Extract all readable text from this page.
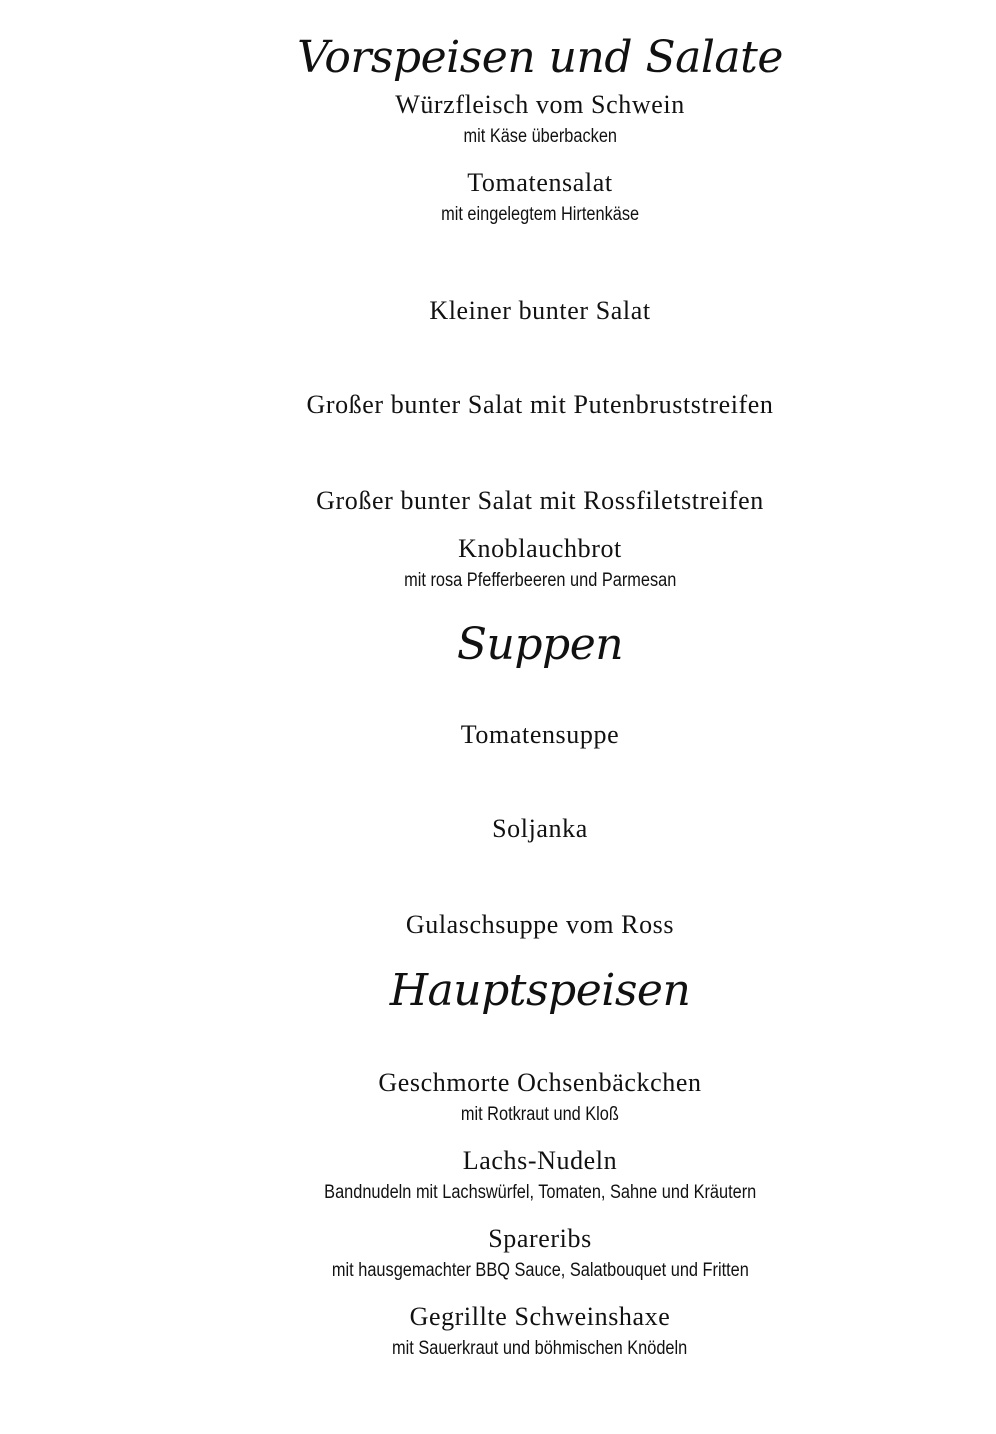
Vorspeisen und Salate
Würzfleisch vom Schwein
mit Käse überbacken
Tomatensalat
mit eingelegtem Hirtenkäse
Kleiner bunter Salat
Großer bunter Salat mit Putenbruststreifen
Großer bunter Salat mit Rossfiletstreifen
Knoblauchbrot
mit rosa Pfefferbeeren und Parmesan
Suppen
Tomatensuppe
Soljanka
Gulaschsuppe vom Ross
Hauptspeisen
Geschmorte Ochsenbäckchen
mit Rotkraut und Kloß
Lachs-Nudeln
Bandnudeln mit Lachswürfel, Tomaten, Sahne und Kräutern
Spareribs
mit hausgemachter BBQ Sauce, Salatbouquet und Fritten
Gegrillte Schweinshaxe
mit Sauerkraut und böhmischen Knödeln
